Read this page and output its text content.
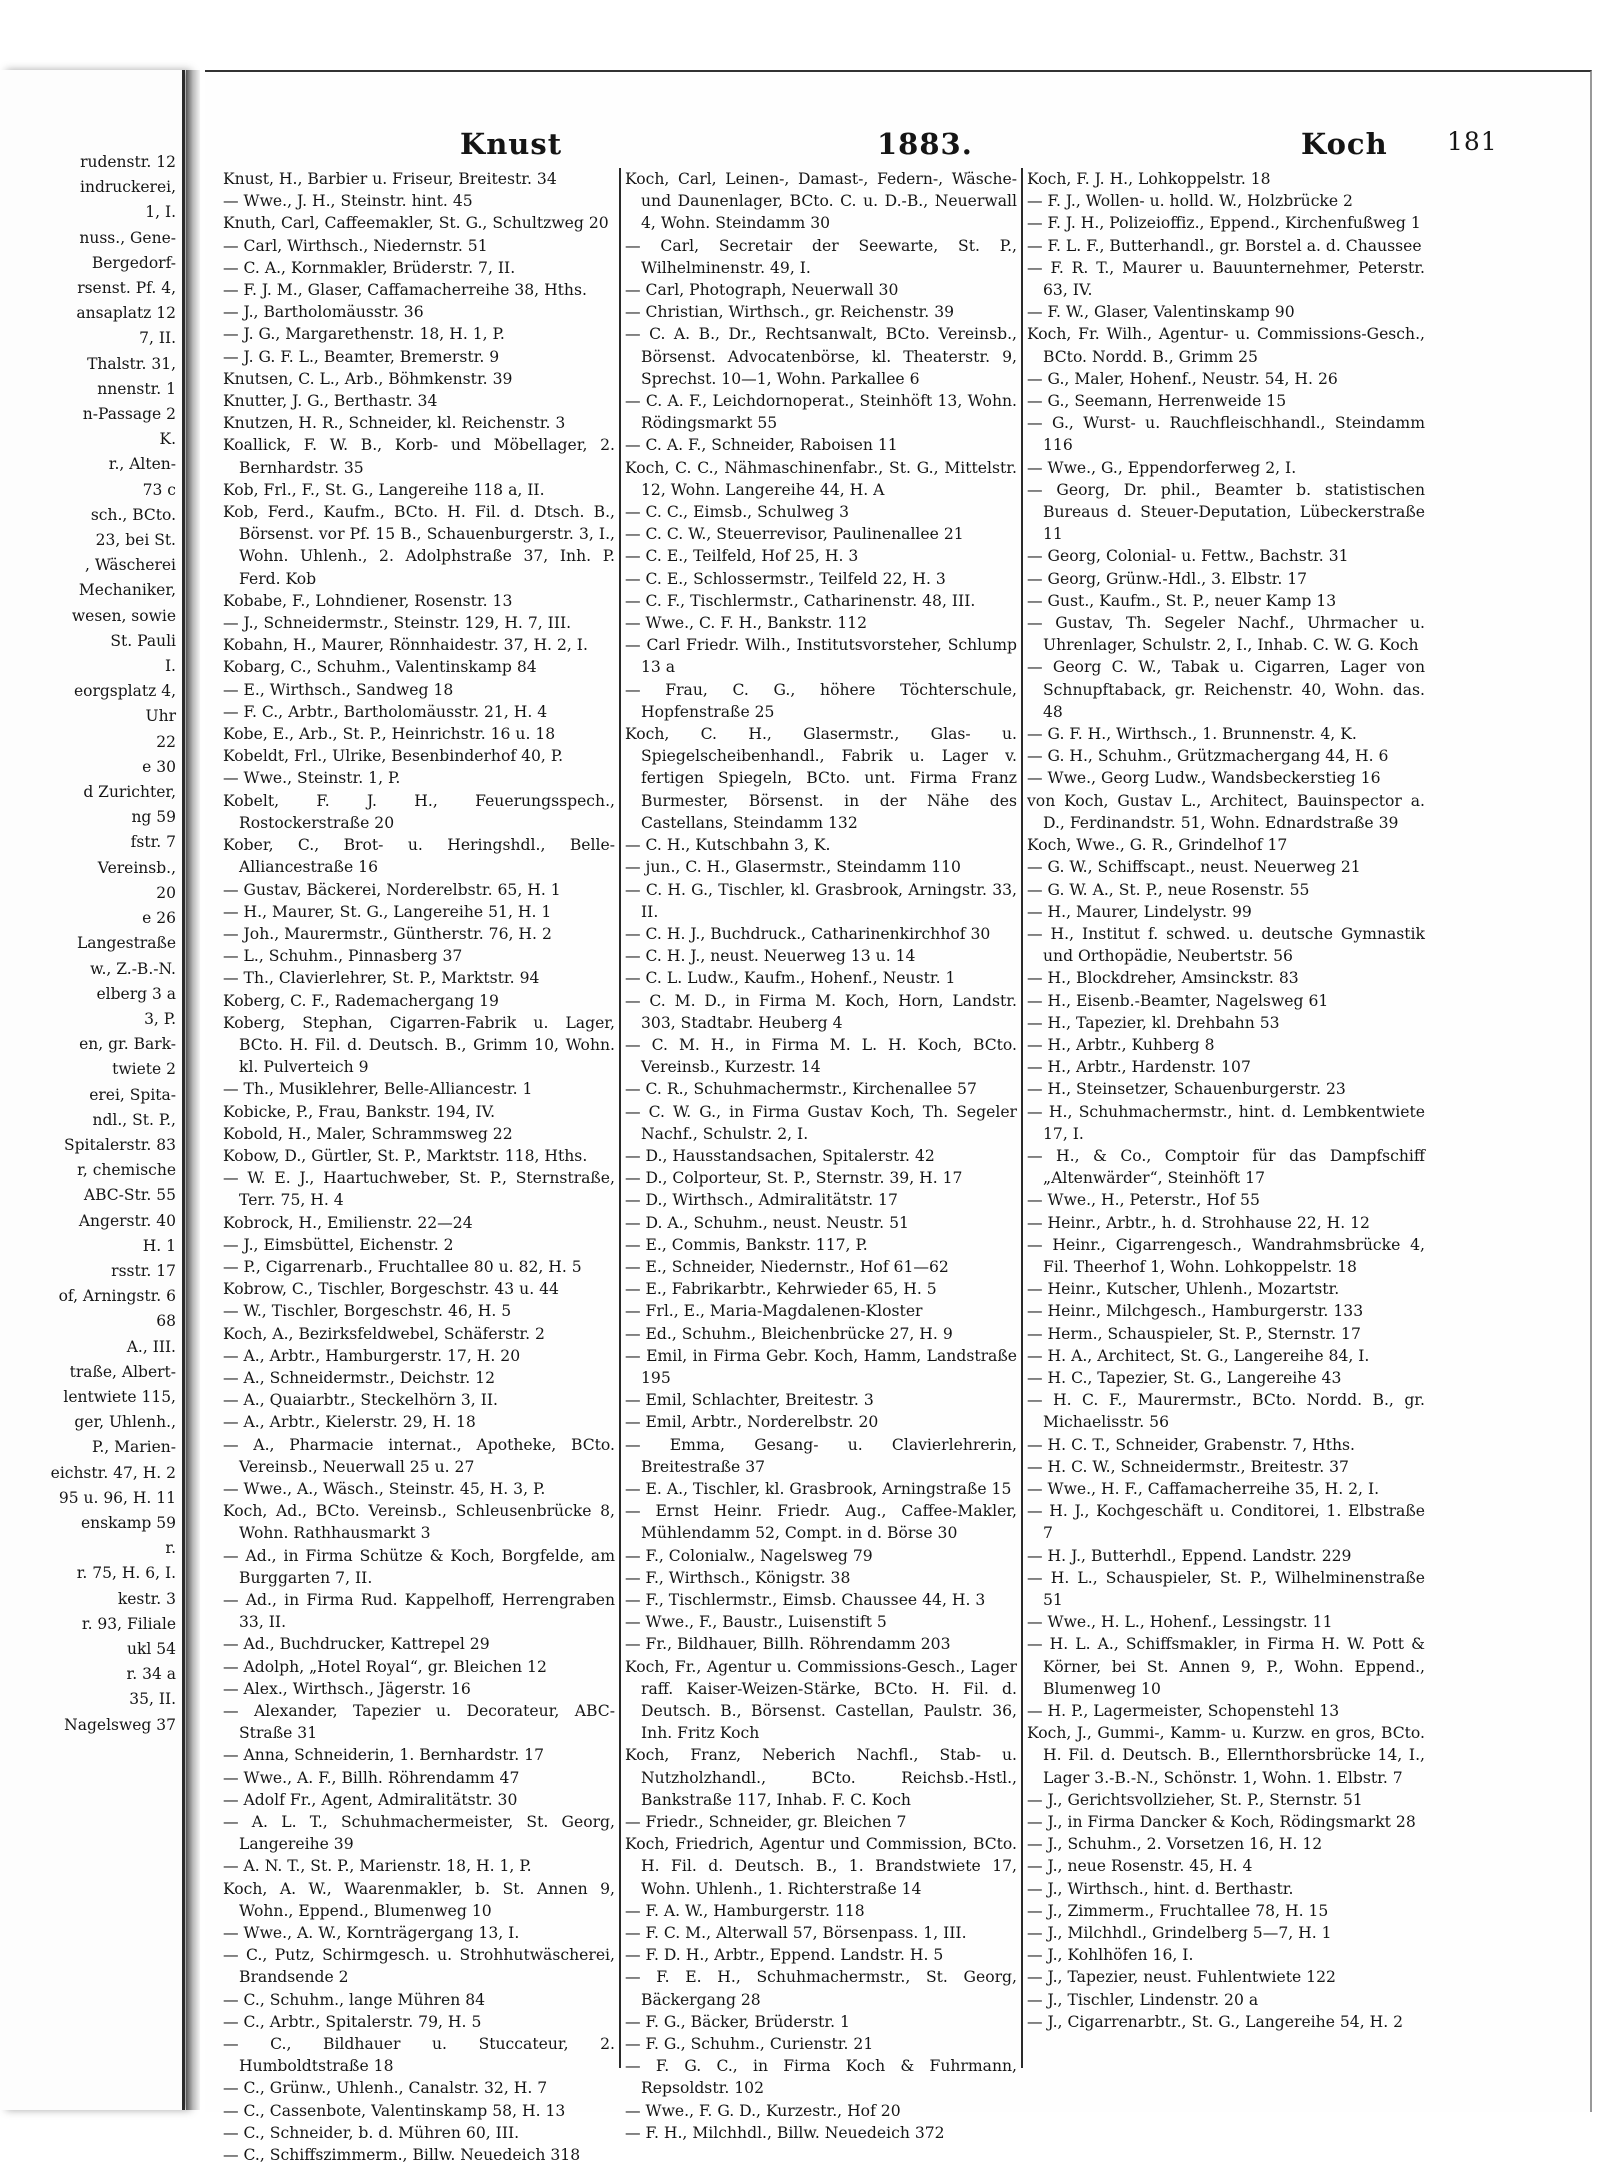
rudenstr. 12
indruckerei,
1, I.
nuss., Gene-
Bergedorf-
rsenst. Pf. 4,
ansaplatz 12
7, II.
Thalstr. 31,
nnenstr. 1
n-Passage 2
K.
r., Alten-
73 c
sch., BCto.
23, bei St.
, Wäscherei
Mechaniker,
wesen, sowie
St. Pauli
I.
eorgsplatz 4,
Uhr
22
e 30
d Zurichter,
ng 59
fstr. 7
Vereinsb.,
20
e 26
Langestraße
w., Z.-B.-N.
elberg 3 a
3, P.
en, gr. Bark-
twiete 2
erei, Spita-
ndl., St. P.,
Spitalerstr. 83
r, chemische
ABC-Str. 55
Angerstr. 40
H. 1
rsstr. 17
of, Arningstr. 6
68
A., III.
traße, Albert-
lentwiete 115,
ger, Uhlenh.,
P., Marien-
eichstr. 47, H. 2
95 u. 96, H. 11
enskamp 59
r.
r. 75, H. 6, I.
kestr. 3
r. 93, Filiale
ukl 54
r. 34 a
35, II.
Nagelsweg 37
Knust	1883.	Koch 181

Knust, H., Barbier u. Friseur, Breitestr. 34

— Wwe., J. H., Steinstr. hint. 45

Knuth, Carl, Caffeemakler, St. G., Schultzweg 20

— Carl, Wirthsch., Niedernstr. 51

— C. A., Kornmakler, Brüderstr. 7, II.

— F. J. M., Glaser, Caffamacherreihe 38, Hths.

— J., Bartholomäusstr. 36

— J. G., Margarethenstr. 18, H. 1, P.

— J. G. F. L., Beamter, Bremerstr. 9

Knutsen, C. L., Arb., Böhmkenstr. 39

Knutter, J. G., Berthastr. 34

Knutzen, H. R., Schneider, kl. Reichenstr. 3

Koallick, F. W. B., Korb- und Möbellager, 2. Bernhardstr. 35

Kob, Frl., F., St. G., Langereihe 118 a, II.

Kob, Ferd., Kaufm., BCto. H. Fil. d. Dtsch. B., Börsenst. vor Pf. 15 B., Schauenburgerstr. 3, I., Wohn. Uhlenh., 2. Adolphstraße 37, Inh. P. Ferd. Kob

Kobabe, F., Lohndiener, Rosenstr. 13

— J., Schneidermstr., Steinstr. 129, H. 7, III.

Kobahn, H., Maurer, Rönnhaidestr. 37, H. 2, I.

Kobarg, C., Schuhm., Valentinskamp 84

— E., Wirthsch., Sandweg 18

— F. C., Arbtr., Bartholomäusstr. 21, H. 4

Kobe, E., Arb., St. P., Heinrichstr. 16 u. 18

Kobeldt, Frl., Ulrike, Besenbinderhof 40, P.

— Wwe., Steinstr. 1, P.

Kobelt, F. J. H., Feuerungsspeсh., Rostockerstraße 20

Kober, C., Brot- u. Heringshdl., Belle-Alliancestraße 16

— Gustav, Bäckerei, Norderelbstr. 65, H. 1

— H., Maurer, St. G., Langereihe 51, H. 1

— Joh., Maurermstr., Güntherstr. 76, H. 2

— L., Schuhm., Pinnasberg 37

— Th., Clavierlehrer, St. P., Marktstr. 94

Koberg, C. F., Rademachergang 19

Koberg, Stephan, Cigarren-Fabrik u. Lager, BCto. H. Fil. d. Deutsch. B., Grimm 10, Wohn. kl. Pulverteich 9

— Th., Musiklehrer, Belle-Alliancestr. 1

Kobicke, P., Frau, Bankstr. 194, IV.

Kobold, H., Maler, Schrammsweg 22

Kobow, D., Gürtler, St. P., Marktstr. 118, Hths.

— W. E. J., Haartuchweber, St. P., Sternstraße, Terr. 75, H. 4

Kobrock, H., Emilienstr. 22—24

— J., Eimsbüttel, Eichenstr. 2

— P., Cigarrenarb., Fruchtallee 80 u. 82, H. 5

Kobrow, C., Tischler, Borgeschstr. 43 u. 44

— W., Tischler, Borgeschstr. 46, H. 5

Koch, A., Bezirksfeldwebel, Schäferstr. 2

— A., Arbtr., Hamburgerstr. 17, H. 20

— A., Schneidermstr., Deichstr. 12

— A., Quaiarbtr., Steckelhörn 3, II.

— A., Arbtr., Kielerstr. 29, H. 18

— A., Pharmacie internat., Apotheke, BCto. Vereinsb., Neuerwall 25 u. 27

— Wwe., A., Wäsch., Steinstr. 45, H. 3, P.

Koch, Ad., BCto. Vereinsb., Schleusenbrücke 8, Wohn. Rathhausmarkt 3

— Ad., in Firma Schütze & Koch, Borgfelde, am Burggarten 7, II.

— Ad., in Firma Rud. Kappelhoff, Herrengraben 33, II.

— Ad., Buchdrucker, Kattrepel 29

— Adolph, „Hotel Royal“, gr. Bleichen 12

— Alex., Wirthsch., Jägerstr. 16

— Alexander, Tapezier u. Decorateur, ABC-Straße 31

— Anna, Schneiderin, 1. Bernhardstr. 17

— Wwe., A. F., Billh. Röhrendamm 47

— Adolf Fr., Agent, Admiralitätstr. 30

— A. L. T., Schuhmachermeister, St. Georg, Langereihe 39

— A. N. T., St. P., Marienstr. 18, H. 1, P.

Koch, A. W., Waarenmakler, b. St. Annen 9, Wohn., Eppend., Blumenweg 10

— Wwe., A. W., Kornträgergang 13, I.

— C., Putz, Schirmgesch. u. Strohhutwäscherei, Brandsende 2

— C., Schuhm., lange Mühren 84

— C., Arbtr., Spitalerstr. 79, H. 5

— C., Bildhauer u. Stuccateur, 2. Humboldtstraße 18

— C., Grünw., Uhlenh., Canalstr. 32, H. 7

— C., Cassenbote, Valentinskamp 58, H. 13

— C., Schneider, b. d. Mühren 60, III.

— C., Schiffszimmerm., Billw. Neuedeich 318

Koch, Carl, Leinen-, Damast-, Federn-, Wäsche- und Daunenlager, BCto. C. u. D.-B., Neuerwall 4, Wohn. Steindamm 30

— Carl, Secretair der Seewarte, St. P., Wilhelminenstr. 49, I.

— Carl, Photograph, Neuerwall 30

— Christian, Wirthsch., gr. Reichenstr. 39

— C. A. B., Dr., Rechtsanwalt, BCto. Vereinsb., Börsenst. Advocatenbörse, kl. Theaterstr. 9, Sprechst. 10—1, Wohn. Parkallee 6

— C. A. F., Leichdornoperat., Steinhöft 13, Wohn. Rödingsmarkt 55

— C. A. F., Schneider, Raboisen 11

Koch, C. C., Nähmaschinenfabr., St. G., Mittelstr. 12, Wohn. Langereihe 44, H. A

— C. C., Eimsb., Schulweg 3

— C. C. W., Steuerrevisor, Paulinenallee 21

— C. E., Teilfeld, Hof 25, H. 3

— C. E., Schlossermstr., Teilfeld 22, H. 3

— C. F., Tischlermstr., Catharinenstr. 48, III.

— Wwe., C. F. H., Bankstr. 112

— Carl Friedr. Wilh., Institutsvorsteher, Schlump 13 a

— Frau, C. G., höhere Töchterschule, Hopfenstraße 25

Koch, C. H., Glasermstr., Glas- u. Spiegelscheibenhandl., Fabrik u. Lager v. fertigen Spiegeln, BCto. unt. Firma Franz Burmester, Börsenst. in der Nähe des Castellans, Steindamm 132

— C. H., Kutschbahn 3, K.

— jun., C. H., Glasermstr., Steindamm 110

— C. H. G., Tischler, kl. Grasbrook, Arningstr. 33, II.

— C. H. J., Buchdruck., Catharinenkirchhof 30

— C. H. J., neust. Neuerweg 13 u. 14

— C. L. Ludw., Kaufm., Hohenf., Neustr. 1

— C. M. D., in Firma M. Koch, Horn, Landstr. 303, Stadtabr. Heuberg 4

— C. M. H., in Firma M. L. H. Koch, BCto. Vereinsb., Kurzestr. 14

— C. R., Schuhmachermstr., Kirchenallee 57

— C. W. G., in Firma Gustav Koch, Th. Segeler Nachf., Schulstr. 2, I.

— D., Hausstandsachen, Spitalerstr. 42

— D., Colporteur, St. P., Sternstr. 39, H. 17

— D., Wirthsch., Admiralitätstr. 17

— D. A., Schuhm., neust. Neustr. 51

— E., Commis, Bankstr. 117, P.

— E., Schneider, Niedernstr., Hof 61—62

— E., Fabrikarbtr., Kehrwieder 65, H. 5

— Frl., E., Maria-Magdalenen-Kloster

— Ed., Schuhm., Bleichenbrücke 27, H. 9

— Emil, in Firma Gebr. Koch, Hamm, Landstraße 195

— Emil, Schlachter, Breitestr. 3

— Emil, Arbtr., Norderelbstr. 20

— Emma, Gesang- u. Clavierlehrerin, Breitestraße 37

— E. A., Tischler, kl. Grasbrook, Arningstraße 15

— Ernst Heinr. Friedr. Aug., Caffee-Makler, Mühlendamm 52, Compt. in d. Börse 30

— F., Colonialw., Nagelsweg 79

— F., Wirthsch., Königstr. 38

— F., Tischlermstr., Eimsb. Chaussee 44, H. 3

— Wwe., F., Baustr., Luisenstift 5

— Fr., Bildhauer, Billh. Röhrendamm 203

Koch, Fr., Agentur u. Commissions-Gesch., Lager raff. Kaiser-Weizen-Stärke, BCto. H. Fil. d. Deutsch. B., Börsenst. Castellan, Paulstr. 36, Inh. Fritz Koch

Koch, Franz, Neberich Nachfl., Stab- u. Nutzholzhandl., BCto. Reichsb.-Hstl., Bankstraße 117, Inhab. F. C. Koch

— Friedr., Schneider, gr. Bleichen 7

Koch, Friedrich, Agentur und Commission, BCto. H. Fil. d. Deutsch. B., 1. Brandstwiete 17, Wohn. Uhlenh., 1. Richterstraße 14

— F. A. W., Hamburgerstr. 118

— F. C. M., Alterwall 57, Börsenpass. 1, III.

— F. D. H., Arbtr., Eppend. Landstr. H. 5

— F. E. H., Schuhmachermstr., St. Georg, Bäckergang 28

— F. G., Bäcker, Brüderstr. 1

— F. G., Schuhm., Curienstr. 21

— F. G. C., in Firma Koch & Fuhrmann, Repsoldstr. 102

— Wwe., F. G. D., Kurzestr., Hof 20

— F. H., Milchhdl., Billw. Neuedeich 372

Koch, F. J. H., Lohkoppelstr. 18

— F. J., Wollen- u. holld. W., Holzbrücke 2

— F. J. H., Polizeioffiz., Eppend., Kirchenfußweg 1

— F. L. F., Butterhandl., gr. Borstel a. d. Chaussee

— F. R. T., Maurer u. Bauunternehmer, Peterstr. 63, IV.

— F. W., Glaser, Valentinskamp 90

Koch, Fr. Wilh., Agentur- u. Commissions-Gesch., BCto. Nordd. B., Grimm 25

— G., Maler, Hohenf., Neustr. 54, H. 26

— G., Seemann, Herrenweide 15

— G., Wurst- u. Rauchfleischhandl., Steindamm 116

— Wwe., G., Eppendorferweg 2, I.

— Georg, Dr. phil., Beamter b. statistischen Bureaus d. Steuer-Deputation, Lübeckerstraße 11

— Georg, Colonial- u. Fettw., Bachstr. 31

— Georg, Grünw.-Hdl., 3. Elbstr. 17

— Gust., Kaufm., St. P., neuer Kamp 13

— Gustav, Th. Segeler Nachf., Uhrmacher u. Uhrenlager, Schulstr. 2, I., Inhab. C. W. G. Koch

— Georg C. W., Tabak u. Cigarren, Lager von Schnupftaback, gr. Reichenstr. 40, Wohn. das. 48

— G. F. H., Wirthsch., 1. Brunnenstr. 4, K.

— G. H., Schuhm., Grützmachergang 44, H. 6

— Wwe., Georg Ludw., Wandsbeckerstieg 16

von Koch, Gustav L., Architect, Bauinspector a. D., Ferdinandstr. 51, Wohn. Ednardstraße 39

Koch, Wwe., G. R., Grindelhof 17

— G. W., Schiffscapt., neust. Neuerweg 21

— G. W. A., St. P., neue Rosenstr. 55

— H., Maurer, Lindelystr. 99

— H., Institut f. schwed. u. deutsche Gymnastik und Orthopädie, Neubertstr. 56

— H., Blockdreher, Amsinckstr. 83

— H., Eisenb.-Beamter, Nagelsweg 61

— H., Tapezier, kl. Drehbahn 53

— H., Arbtr., Kuhberg 8

— H., Arbtr., Hardenstr. 107

— H., Steinsetzer, Schauenburgerstr. 23

— H., Schuhmachermstr., hint. d. Lembkentwiete 17, I.

— H., & Co., Comptoir für das Dampfschiff „Altenwärder“, Steinhöft 17

— Wwe., H., Peterstr., Hof 55

— Heinr., Arbtr., h. d. Strohhause 22, H. 12

— Heinr., Cigarrengesch., Wandrahmsbrücke 4, Fil. Theerhof 1, Wohn. Lohkoppelstr. 18

— Heinr., Kutscher, Uhlenh., Mozartstr.

— Heinr., Milchgesch., Hamburgerstr. 133

— Herm., Schauspieler, St. P., Sternstr. 17

— H. A., Architect, St. G., Langereihe 84, I.

— H. C., Tapezier, St. G., Langereihe 43

— H. C. F., Maurermstr., BCto. Nordd. B., gr. Michaelisstr. 56

— H. C. T., Schneider, Grabenstr. 7, Hths.

— H. C. W., Schneidermstr., Breitestr. 37

— Wwe., H. F., Caffamacherreihe 35, H. 2, I.

— H. J., Kochgeschäft u. Conditorei, 1. Elbstraße 7

— H. J., Butterhdl., Eppend. Landstr. 229

— H. L., Schauspieler, St. P., Wilhelminenstraße 51

— Wwe., H. L., Hohenf., Lessingstr. 11

— H. L. A., Schiffsmakler, in Firma H. W. Pott & Körner, bei St. Annen 9, P., Wohn. Eppend., Blumenweg 10

— H. P., Lagermeister, Schopenstehl 13

Koch, J., Gummi-, Kamm- u. Kurzw. en gros, BCto. H. Fil. d. Deutsch. B., Ellernthorsbrücke 14, I., Lager 3.-B.-N., Schönstr. 1, Wohn. 1. Elbstr. 7

— J., Gerichtsvollzieher, St. P., Sternstr. 51

— J., in Firma Dancker & Koch, Rödingsmarkt 28

— J., Schuhm., 2. Vorsetzen 16, H. 12

— J., neue Rosenstr. 45, H. 4

— J., Wirthsch., hint. d. Berthastr.

— J., Zimmerm., Fruchtallee 78, H. 15

— J., Milchhdl., Grindelberg 5—7, H. 1

— J., Kohlhöfen 16, I.

— J., Tapezier, neust. Fuhlentwiete 122

— J., Tischler, Lindenstr. 20 a

— J., Cigarrenarbtr., St. G., Langereihe 54, H. 2
